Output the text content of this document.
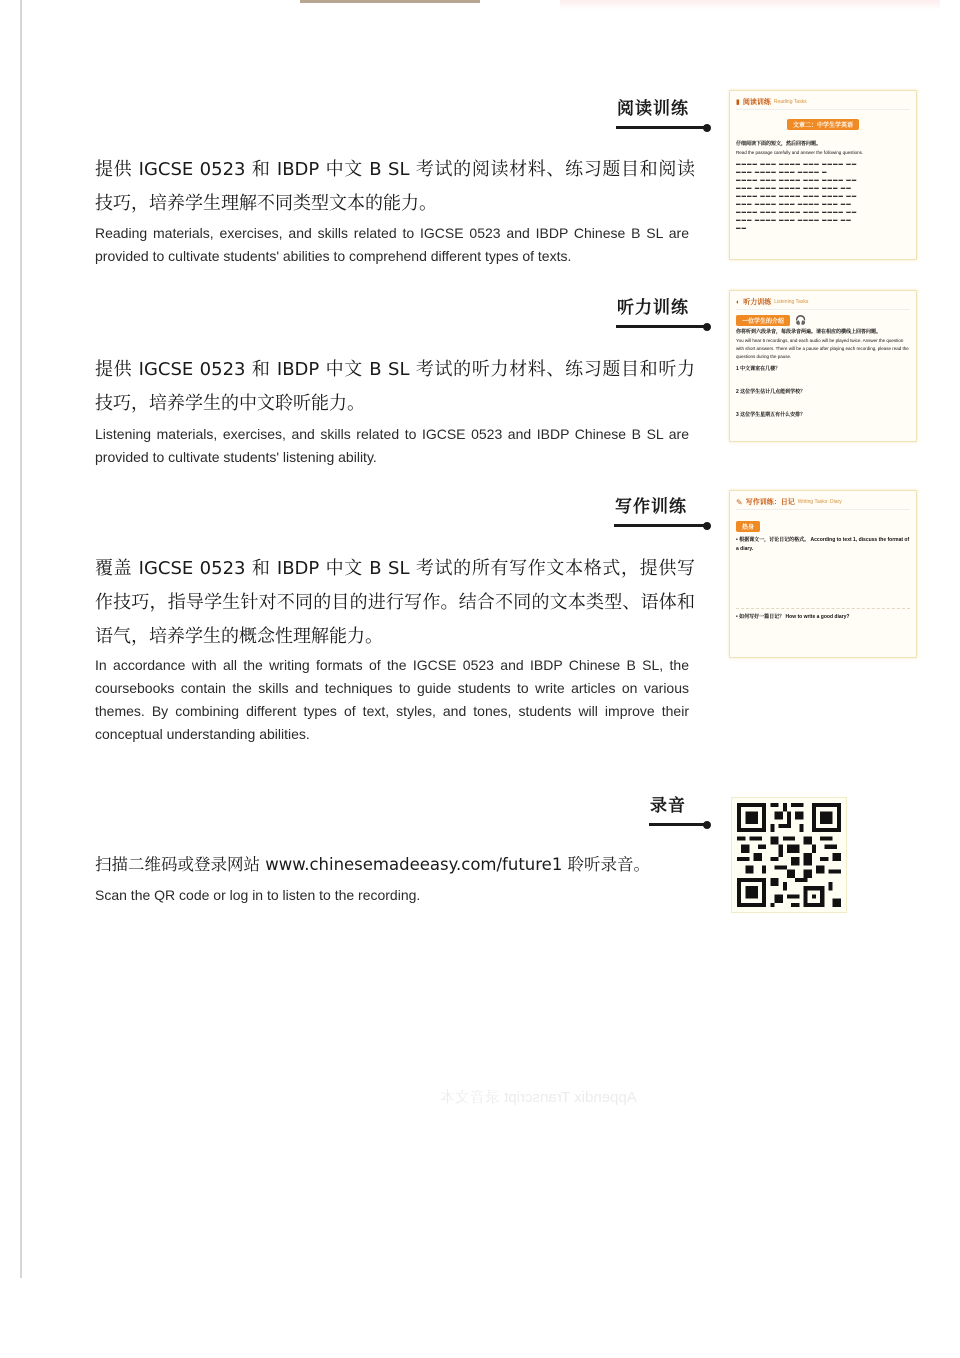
阅读训练
提供 IGCSE 0523 和 IBDP 中文 B SL 考试的阅读材料、练习题目和阅读技巧，培养学生理解不同类型文本的能力。
Reading materials, exercises, and skills related to IGCSE 0523 and IBDP Chinese B SL are provided to cultivate students' abilities to comprehend different types of texts.
▮ 阅读训练 Reading Tasks
文章二：中学生学英语
仔细阅读下面的短文，然后回答问题。
Read the passage carefully and answer the following questions.
▬▬▬▬ ▬▬▬ ▬▬▬▬ ▬▬▬ ▬▬▬▬ ▬▬
▬▬▬ ▬▬▬▬ ▬▬▬ ▬▬▬▬ ▬
▬▬▬▬ ▬▬▬ ▬▬▬▬ ▬▬▬ ▬▬▬▬ ▬▬
▬▬▬ ▬▬▬▬ ▬▬▬▬ ▬▬▬ ▬▬▬ ▬▬
▬▬▬▬ ▬▬▬ ▬▬▬▬ ▬▬▬ ▬▬▬▬ ▬▬
▬▬▬ ▬▬▬▬ ▬▬▬ ▬▬▬▬ ▬▬▬ ▬▬
▬▬▬▬ ▬▬▬ ▬▬▬▬ ▬▬▬ ▬▬▬▬ ▬▬
▬▬▬ ▬▬▬▬ ▬▬▬ ▬▬▬▬ ▬▬▬ ▬▬
▬▬
听力训练
提供 IGCSE 0523 和 IBDP 中文 B SL 考试的听力材料、练习题目和听力技巧，培养学生的中文聆听能力。
Listening materials, exercises, and skills related to IGCSE 0523 and IBDP Chinese B SL are provided to cultivate students' listening ability.
◐ 听力训练 Listening Tasks
一位学生的介绍	🎧
你将听到六段录音，每段录音两遍。请在相应的横线上回答问题。
You will hear 6 recordings, and each audio will be played twice. Answer the question with short answers. There will be a pause after playing each recording, please read the questions during the pause.
1 中文课室在几楼？
2 这位学生估计几点能到学校？
3 这位学生星期五有什么安排？
写作训练
覆盖 IGCSE 0523 和 IBDP 中文 B SL 考试的所有写作文本格式，提供写作技巧，指导学生针对不同的目的进行写作。结合不同的文本类型、语体和语气，培养学生的概念性理解能力。
In accordance with all the writing formats of the IGCSE 0523 and IBDP Chinese B SL, the coursebooks contain the skills and techniques to guide students to write articles on various themes. By combining different types of text, styles, and tones, students will improve their conceptual understanding abilities.
✎ 写作训练：日记 Writing Tasks: Diary
热身
• 根据课文一，讨论日记的格式。 According to text 1, discuss the format of a diary.
• 如何写好一篇日记？ How to write a good diary?
录音
扫描二维码或登录网站 www.chinesemadeeasy.com/future1 聆听录音。
Scan the QR code or log in to listen to the recording.
Appendix Transcript 录音文本
